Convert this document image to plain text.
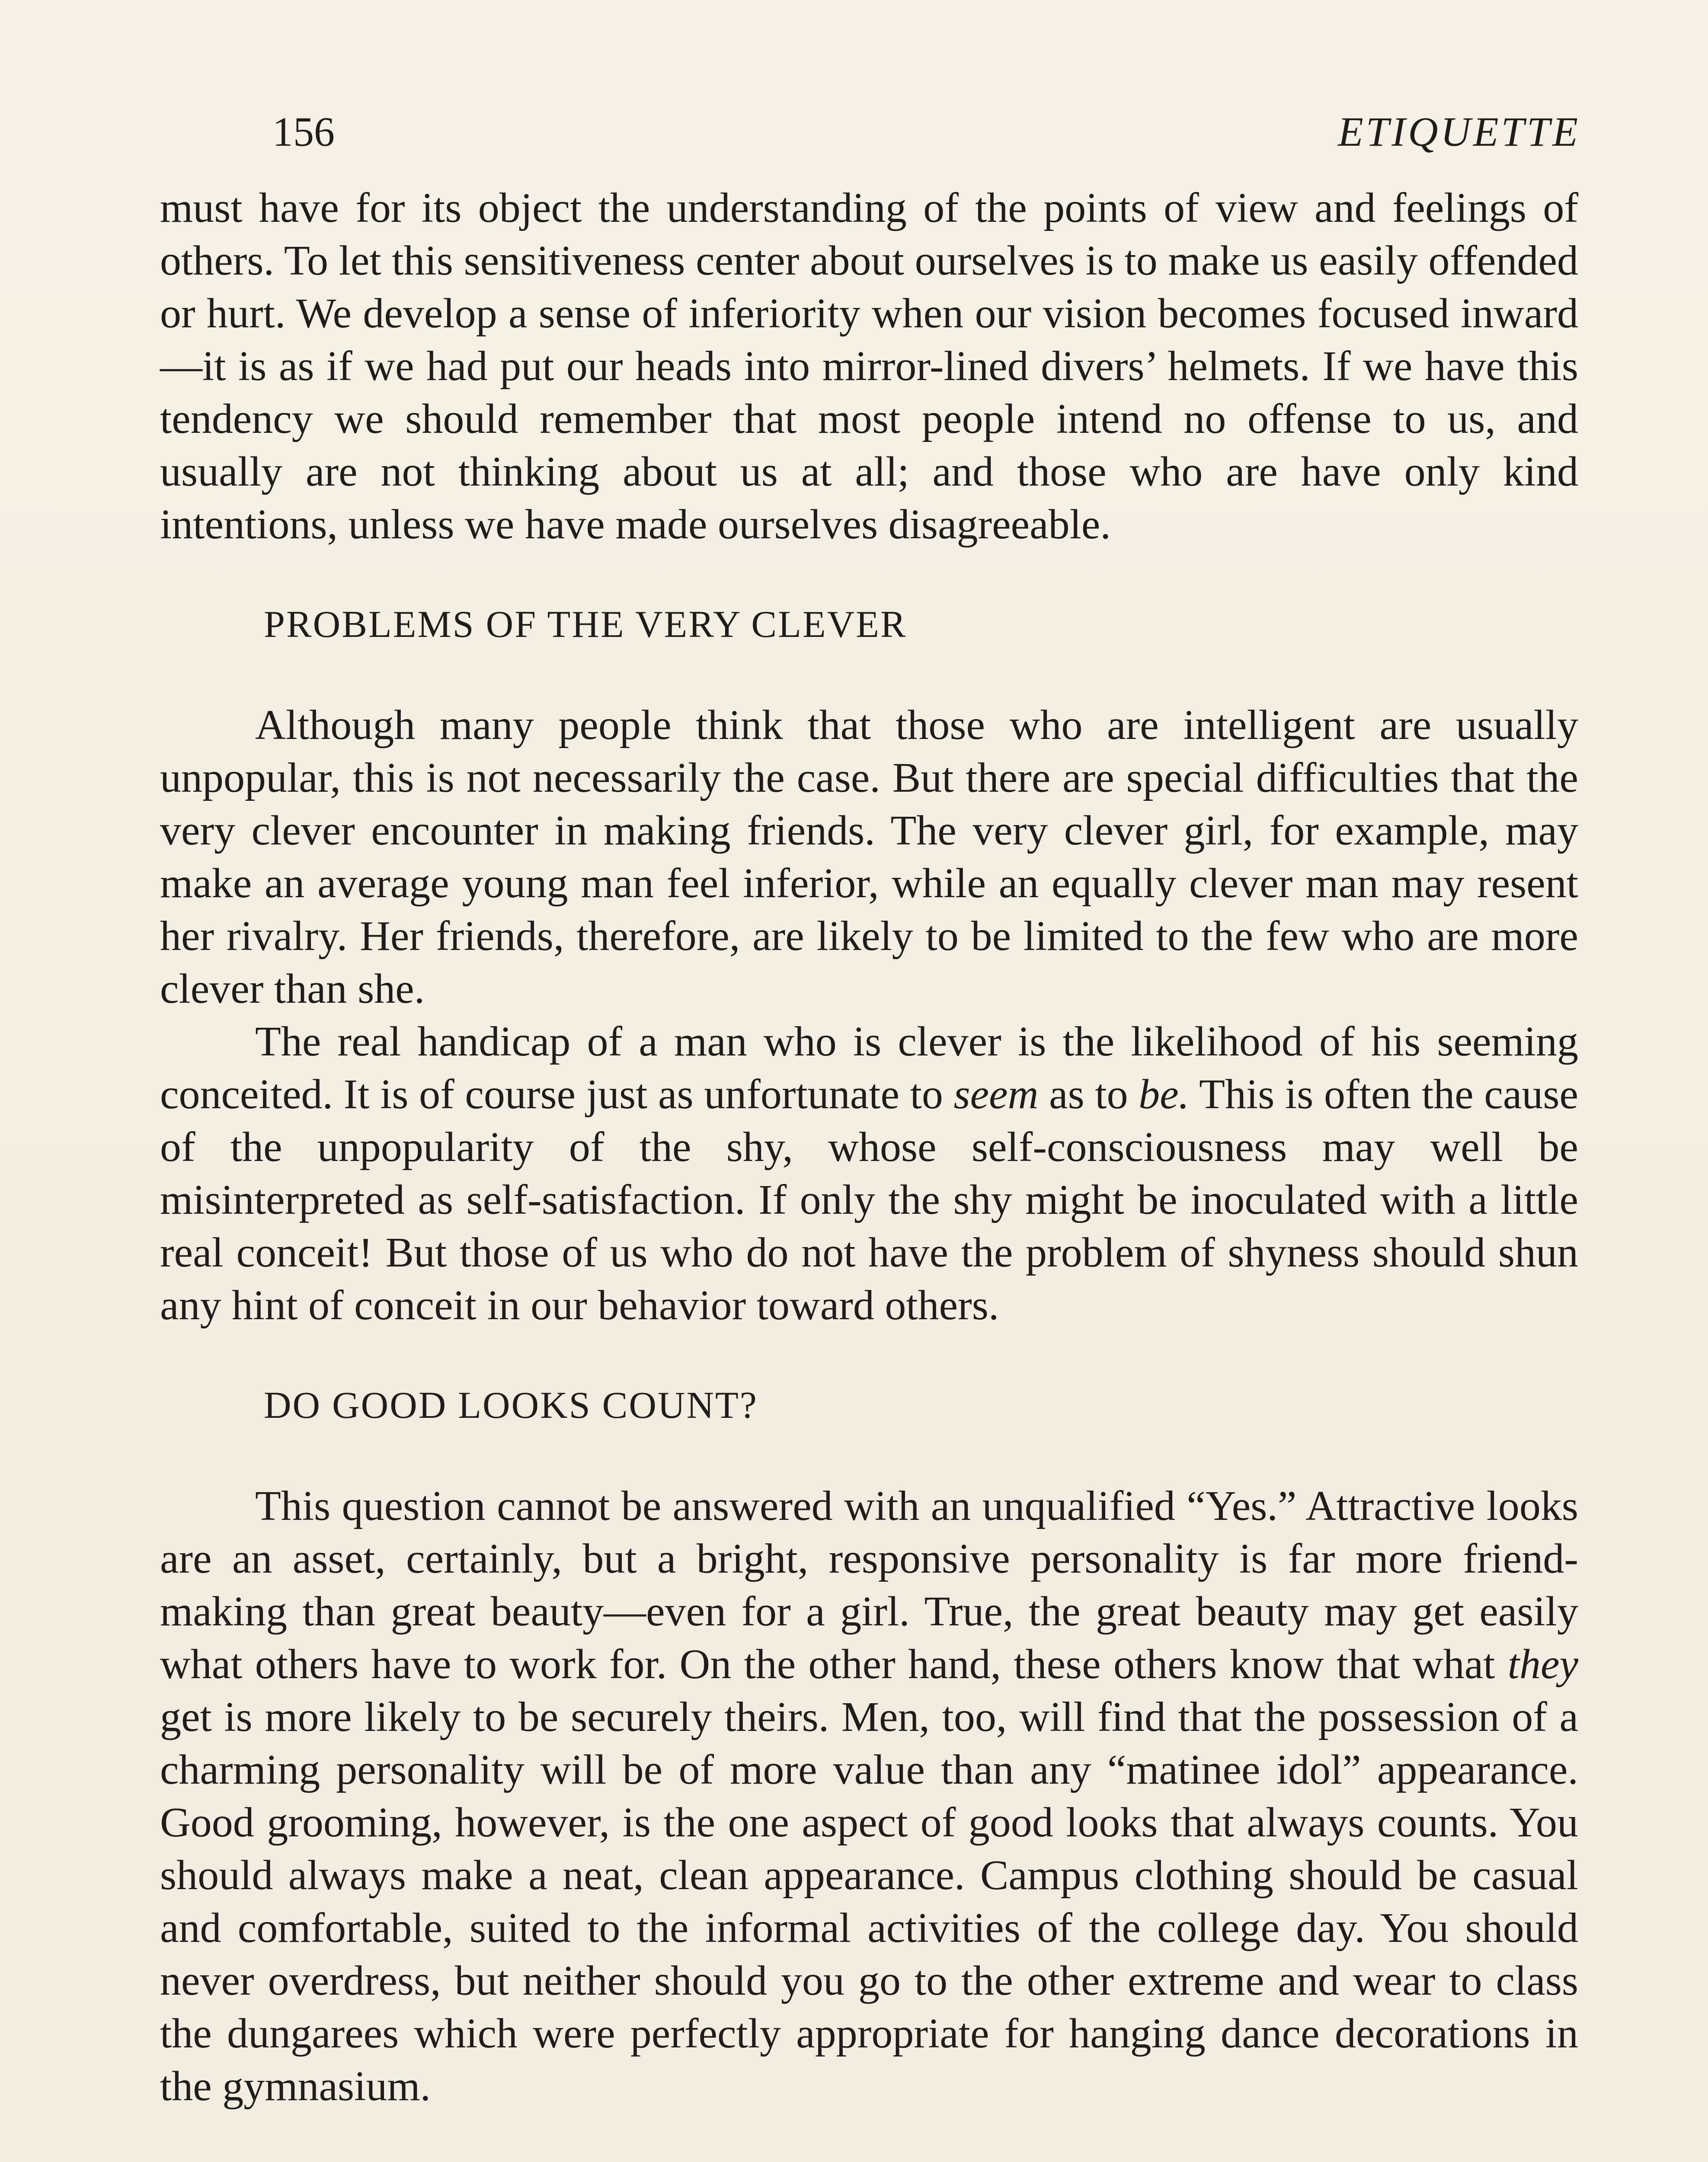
156	ETIQUETTE

must have for its object the understanding of the points of view and feelings of others. To let this sensitiveness center about ourselves is to make us easily offended or hurt. We develop a sense of inferiority when our vision becomes focused inward—it is as if we had put our heads into mirror-lined divers’ helmets. If we have this tendency we should remember that most people intend no offense to us, and usually are not thinking about us at all; and those who are have only kind intentions, unless we have made ourselves disagreeable.

PROBLEMS OF THE VERY CLEVER

Although many people think that those who are intelligent are usually unpopular, this is not necessarily the case. But there are special difficulties that the very clever encounter in making friends. The very clever girl, for example, may make an average young man feel inferior, while an equally clever man may resent her rivalry. Her friends, therefore, are likely to be limited to the few who are more clever than she.

The real handicap of a man who is clever is the likelihood of his seeming conceited. It is of course just as unfortunate to seem as to be. This is often the cause of the unpopularity of the shy, whose self-consciousness may well be misinterpreted as self-satisfaction. If only the shy might be inoculated with a little real conceit! But those of us who do not have the problem of shyness should shun any hint of conceit in our behavior toward others.

DO GOOD LOOKS COUNT?

This question cannot be answered with an unqualified “Yes.” Attractive looks are an asset, certainly, but a bright, responsive personality is far more friend-making than great beauty—even for a girl. True, the great beauty may get easily what others have to work for. On the other hand, these others know that what they get is more likely to be securely theirs. Men, too, will find that the possession of a charming personality will be of more value than any “matinee idol” appearance. Good grooming, however, is the one aspect of good looks that always counts. You should always make a neat, clean appearance. Campus clothing should be casual and comfortable, suited to the informal activities of the college day. You should never overdress, but neither should you go to the other extreme and wear to class the dungarees which were perfectly appropriate for hanging dance decorations in the gymnasium.
